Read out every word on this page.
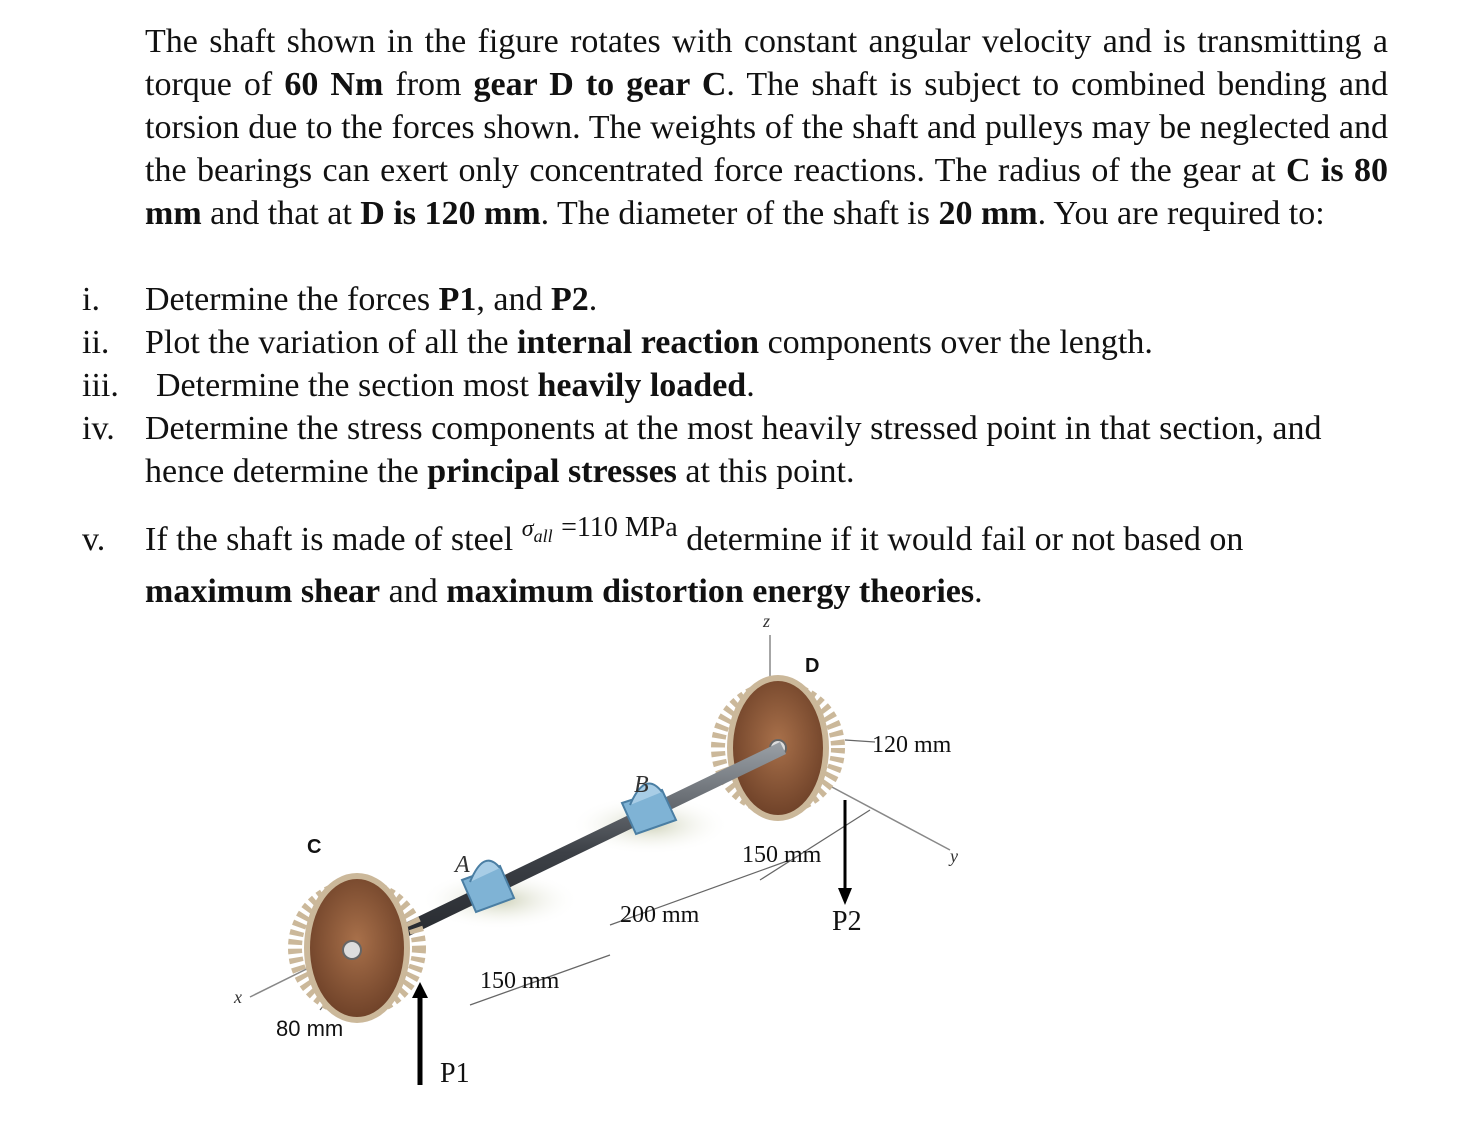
The shaft shown in the figure rotates with constant angular velocity and is transmitting a torque of 60 Nm from gear D to gear C. The shaft is subject to combined bending and torsion due to the forces shown. The weights of the shaft and pulleys may be neglected and the bearings can exert only concentrated force reactions. The radius of the gear at C is 80 mm and that at D is 120 mm. The diameter of the shaft is 20 mm. You are required to:
i. Determine the forces P1, and P2.
ii. Plot the variation of all the internal reaction components over the length.
iii. Determine the section most heavily loaded.
iv. Determine the stress components at the most heavily stressed point in that section, and hence determine the principal stresses at this point.
v. If the shaft is made of steel $^{\sigma all}$ $^{=110 MPa}$ determine if it would fail or not based on maximum shear and maximum distortion energy theories.
z
D
120 mm
B
C
A	150 mm	y
200 mm	P2
150 mm
x
80 mm
P1
